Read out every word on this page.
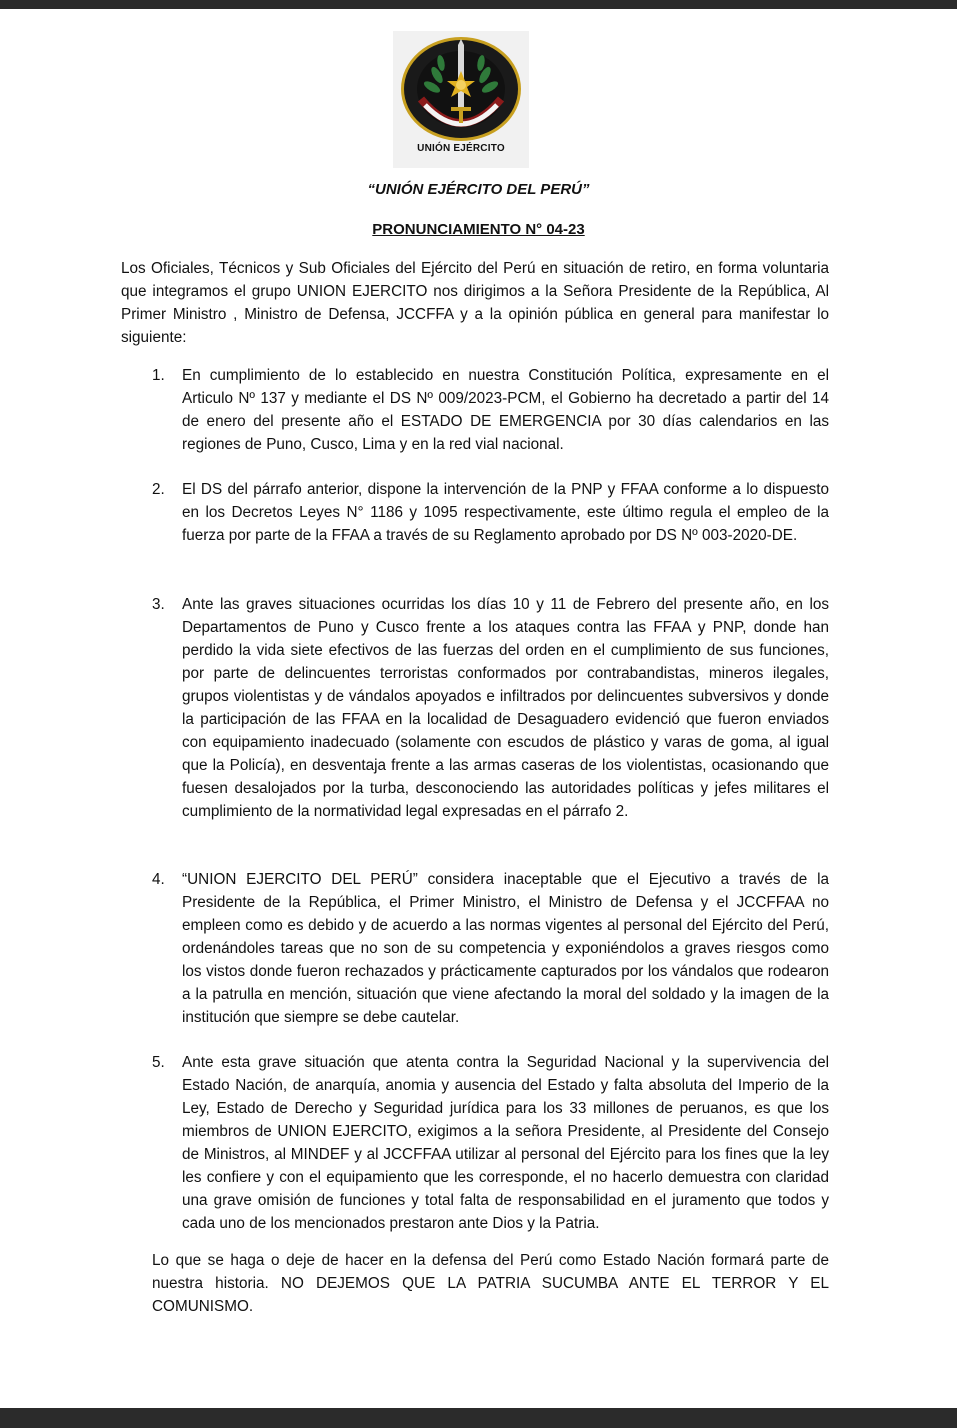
UNIÓN EJÉRCITO
“UNIÓN EJÉRCITO DEL PERÚ”
PRONUNCIAMIENTO N° 04-23

Los Oficiales, Técnicos y Sub Oficiales del Ejército del Perú en situación de retiro, en forma voluntaria que integramos el grupo UNION EJERCITO nos dirigimos a la Señora Presidente de la República, Al Primer Ministro , Ministro de Defensa, JCCFFA y a la opinión pública en general para manifestar lo siguiente:

1. En cumplimiento de lo establecido en nuestra Constitución Política, expresamente en el Articulo Nº 137 y mediante el DS Nº 009/2023-PCM, el Gobierno ha decretado a partir del 14 de enero del presente año el ESTADO DE EMERGENCIA por 30 días calendarios en las regiones de Puno, Cusco, Lima y en la red vial nacional.

2. El DS del párrafo anterior, dispone la intervención de la PNP y FFAA conforme a lo dispuesto en los Decretos Leyes N° 1186 y 1095 respectivamente, este último regula el empleo de la fuerza por parte de la FFAA a través de su Reglamento aprobado por DS Nº 003-2020-DE.

3. Ante las graves situaciones ocurridas los días 10 y 11 de Febrero del presente año, en los Departamentos de Puno y Cusco frente a los ataques contra las FFAA y PNP, donde han perdido la vida siete efectivos de las fuerzas del orden en el cumplimiento de sus funciones, por parte de delincuentes terroristas conformados por contrabandistas, mineros ilegales, grupos violentistas y de vándalos apoyados e infiltrados por delincuentes subversivos y donde la participación de las FFAA en la localidad de Desaguadero evidenció que fueron enviados con equipamiento inadecuado (solamente con escudos de plástico y varas de goma, al igual que la Policía), en desventaja frente a las armas caseras de los violentistas, ocasionando que fuesen desalojados por la turba, desconociendo las autoridades políticas y jefes militares el cumplimiento de la normatividad legal expresadas en el párrafo 2.

4. “UNION EJERCITO DEL PERÚ” considera inaceptable que el Ejecutivo a través de la Presidente de la República, el Primer Ministro, el Ministro de Defensa y el JCCFFAA no empleen como es debido y de acuerdo a las normas vigentes al personal del Ejército del Perú, ordenándoles tareas que no son de su competencia y exponiéndolos a graves riesgos como los vistos donde fueron rechazados y prácticamente capturados por los vándalos que rodearon a la patrulla en mención, situación que viene afectando la moral del soldado y la imagen de la institución que siempre se debe cautelar.

5. Ante esta grave situación que atenta contra la Seguridad Nacional y la supervivencia del Estado Nación, de anarquía, anomia y ausencia del Estado y falta absoluta del Imperio de la Ley, Estado de Derecho y Seguridad jurídica para los 33 millones de peruanos, es que los miembros de UNION EJERCITO, exigimos a la señora Presidente, al Presidente del Consejo de Ministros, al MINDEF y al JCCFFAA utilizar al personal del Ejército para los fines que la ley les confiere y con el equipamiento que les corresponde, el no hacerlo demuestra con claridad una grave omisión de funciones y total falta de responsabilidad en el juramento que todos y cada uno de los mencionados prestaron ante Dios y la Patria.

Lo que se haga o deje de hacer en la defensa del Perú como Estado Nación formará parte de nuestra historia. NO DEJEMOS QUE LA PATRIA SUCUMBA ANTE EL TERROR Y EL COMUNISMO.
